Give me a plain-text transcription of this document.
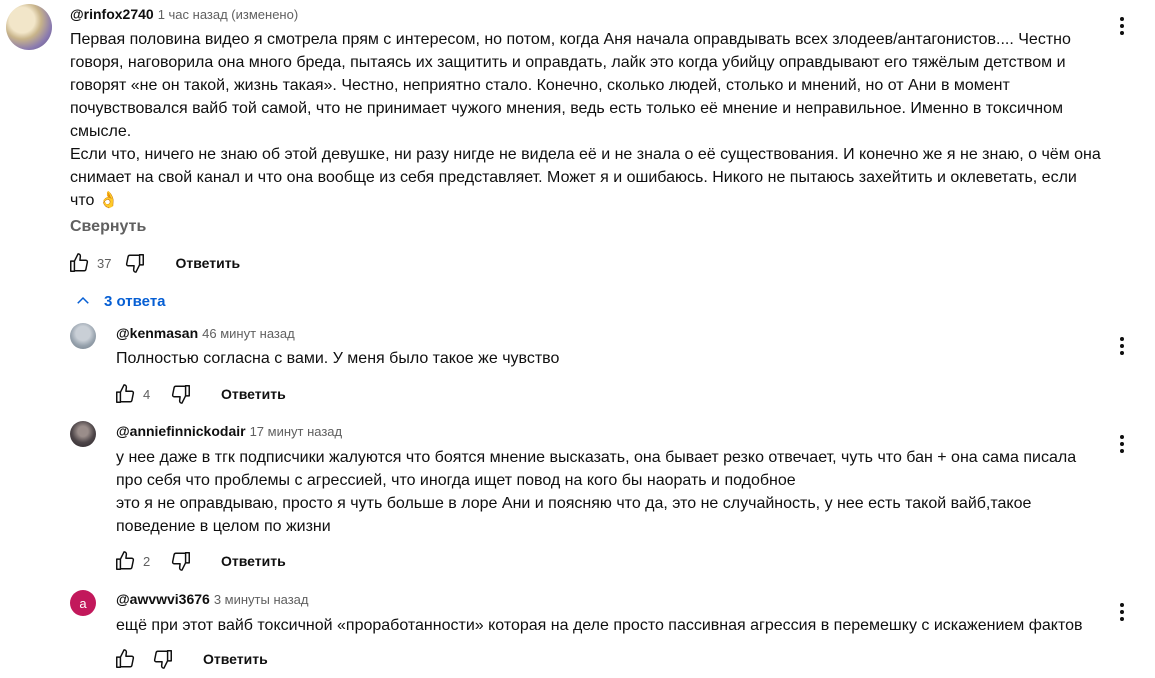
@rinfox2740 1 час назад (изменено)

Первая половина видео я смотрела прям с интересом, но потом, когда Аня начала оправдывать всех злодеев/антагонистов.... Честно говоря, наговорила она много бреда, пытаясь их защитить и оправдать, лайк это когда убийцу оправдывают его тяжёлым детством и говорят «не он такой, жизнь такая». Честно, неприятно стало. Конечно, сколько людей, столько и мнений, но от Ани в момент почувствовался вайб той самой, что не принимает чужого мнения, ведь есть только её мнение и неправильное. Именно в токсичном смысле.

Если что, ничего не знаю об этой девушке, ни разу нигде не видела её и не знала о её существования. И конечно же я не знаю, о чём она снимает на свой канал и что она вообще из себя представляет. Может я и ошибаюсь. Никого не пытаюсь захейтить и оклеветать, если что 👌

Свернуть
37	Ответить
3 ответа
@kenmasan 46 минут назад

Полностью согласна с вами. У меня было такое же чувство

4	Ответить
@anniefinnickodair 17 минут назад

у нее даже в тгк подписчики жалуются что боятся мнение высказать, она бывает резко отвечает, чуть что бан + она сама писала про себя что проблемы с агрессией, что иногда ищет повод на кого бы наорать и подобное

это я не оправдываю, просто я чуть больше в лоре Ани и поясняю что да, это не случайность, у нее есть такой вайб,такое поведение в целом по жизни

2	Ответить
a @awvwvi3676 3 минуты назад

ещё при этот вайб токсичной «проработанности» которая на деле просто пассивная агрессия в перемешку с искажением фактов

Ответить
